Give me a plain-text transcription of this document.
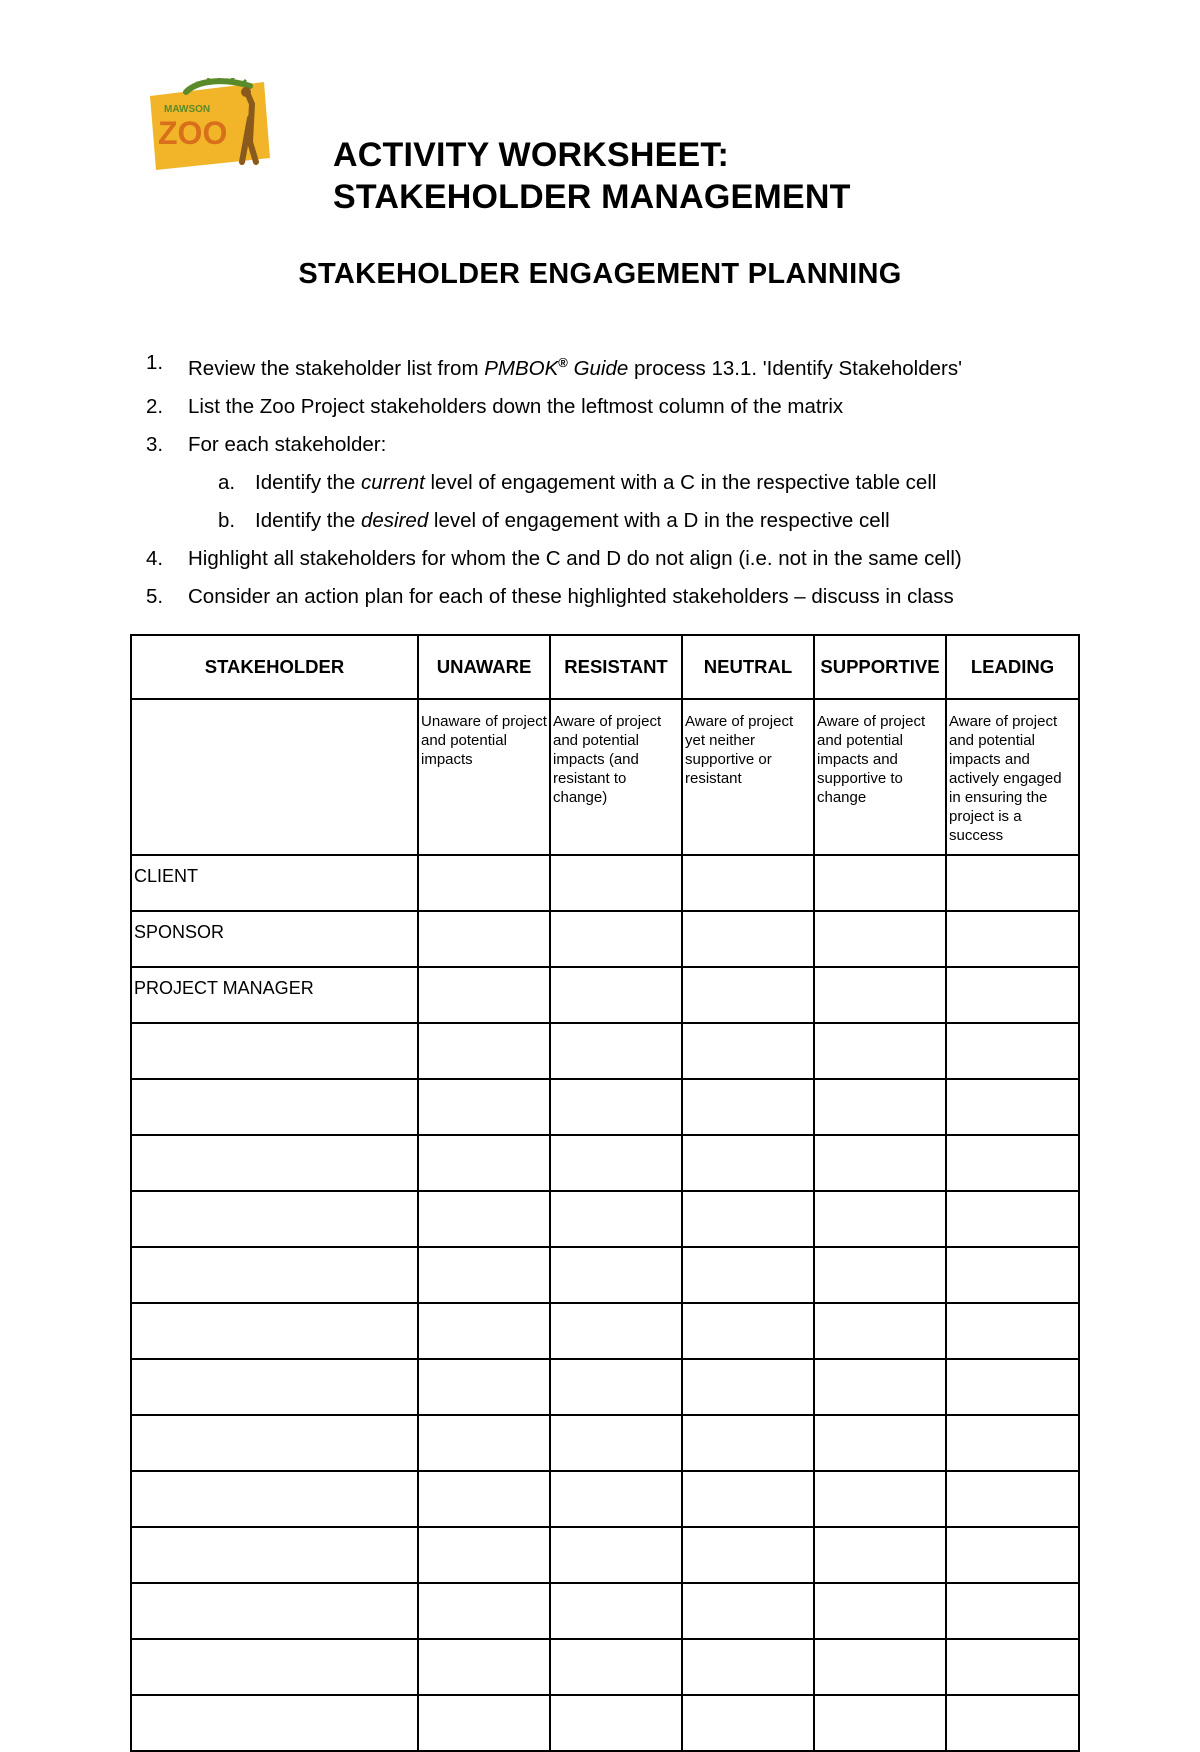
MAWSON
ZOO
ACTIVITY WORKSHEET:
STAKEHOLDER MANAGEMENT
STAKEHOLDER ENGAGEMENT PLANNING
1. Review the stakeholder list from PMBOK® Guide process 13.1. 'Identify Stakeholders'
2. List the Zoo Project stakeholders down the leftmost column of the matrix
3. For each stakeholder:
a. Identify the current level of engagement with a C in the respective table cell
b. Identify the desired level of engagement with a D in the respective cell
4. Highlight all stakeholders for whom the C and D do not align (i.e. not in the same cell)
5. Consider an action plan for each of these highlighted stakeholders – discuss in class
STAKEHOLDER	UNAWARE	RESISTANT	NEUTRAL	SUPPORTIVE	LEADING
	Unaware of project and potential impacts	Aware of project and potential impacts (and resistant to change)	Aware of project yet neither supportive or resistant	Aware of project and potential impacts and supportive to change	Aware of project and potential impacts and actively engaged in ensuring the project is a success
CLIENT					
SPONSOR					
PROJECT MANAGER					
